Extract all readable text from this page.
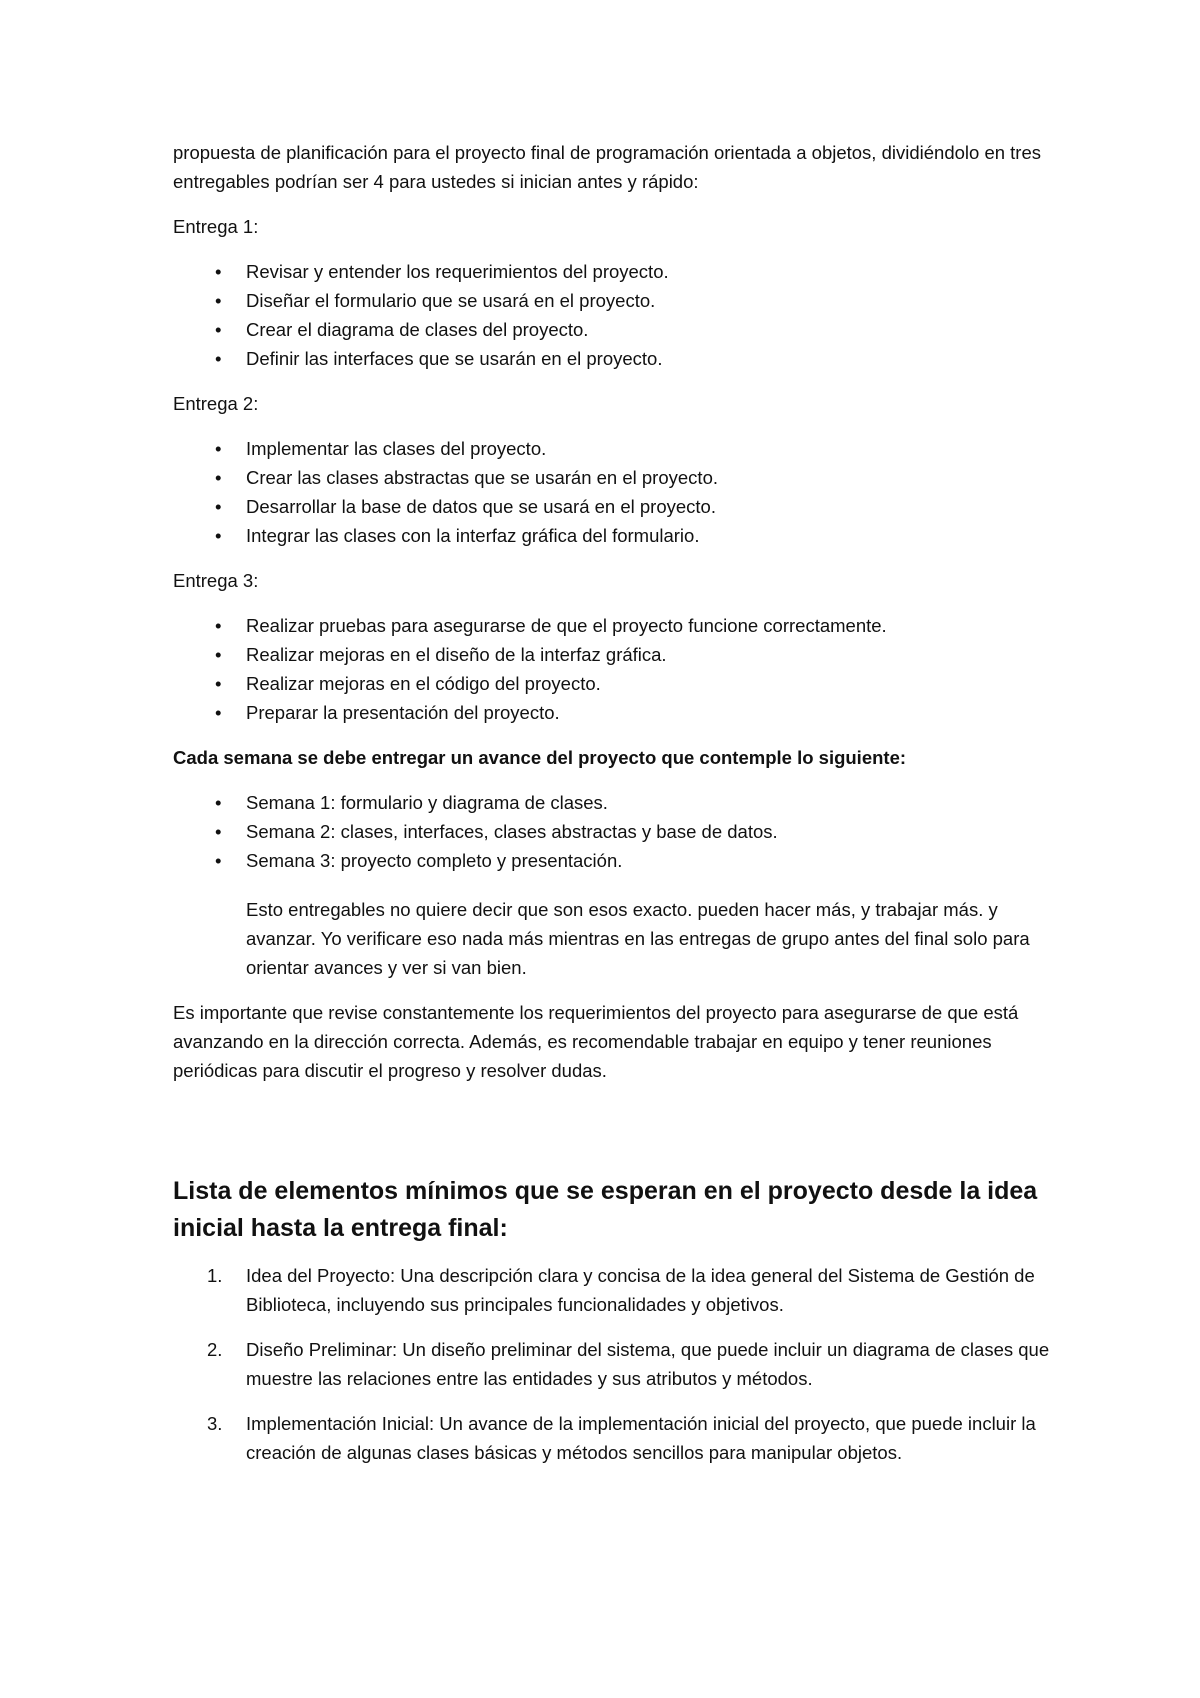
propuesta de planificación para el proyecto final de programación orientada a objetos, dividiéndolo en tres entregables podrían ser 4 para ustedes si inician antes y rápido:

Entrega 1:

• Revisar y entender los requerimientos del proyecto.
• Diseñar el formulario que se usará en el proyecto.
• Crear el diagrama de clases del proyecto.
• Definir las interfaces que se usarán en el proyecto.

Entrega 2:

• Implementar las clases del proyecto.
• Crear las clases abstractas que se usarán en el proyecto.
• Desarrollar la base de datos que se usará en el proyecto.
• Integrar las clases con la interfaz gráfica del formulario.

Entrega 3:

• Realizar pruebas para asegurarse de que el proyecto funcione correctamente.
• Realizar mejoras en el diseño de la interfaz gráfica.
• Realizar mejoras en el código del proyecto.
• Preparar la presentación del proyecto.

Cada semana se debe entregar un avance del proyecto que contemple lo siguiente:

• Semana 1: formulario y diagrama de clases.
• Semana 2: clases, interfaces, clases abstractas y base de datos.
• Semana 3: proyecto completo y presentación.

Esto entregables no quiere decir que son esos exacto. pueden hacer más, y trabajar más. y avanzar. Yo verificare eso nada más mientras en las entregas de grupo antes del final solo para orientar avances y ver si van bien.

Es importante que revise constantemente los requerimientos del proyecto para asegurarse de que está avanzando en la dirección correcta. Además, es recomendable trabajar en equipo y tener reuniones periódicas para discutir el progreso y resolver dudas.

Lista de elementos mínimos que se esperan en el proyecto desde la idea inicial hasta la entrega final:

1. Idea del Proyecto: Una descripción clara y concisa de la idea general del Sistema de Gestión de Biblioteca, incluyendo sus principales funcionalidades y objetivos.
2. Diseño Preliminar: Un diseño preliminar del sistema, que puede incluir un diagrama de clases que muestre las relaciones entre las entidades y sus atributos y métodos.
3. Implementación Inicial: Un avance de la implementación inicial del proyecto, que puede incluir la creación de algunas clases básicas y métodos sencillos para manipular objetos.
